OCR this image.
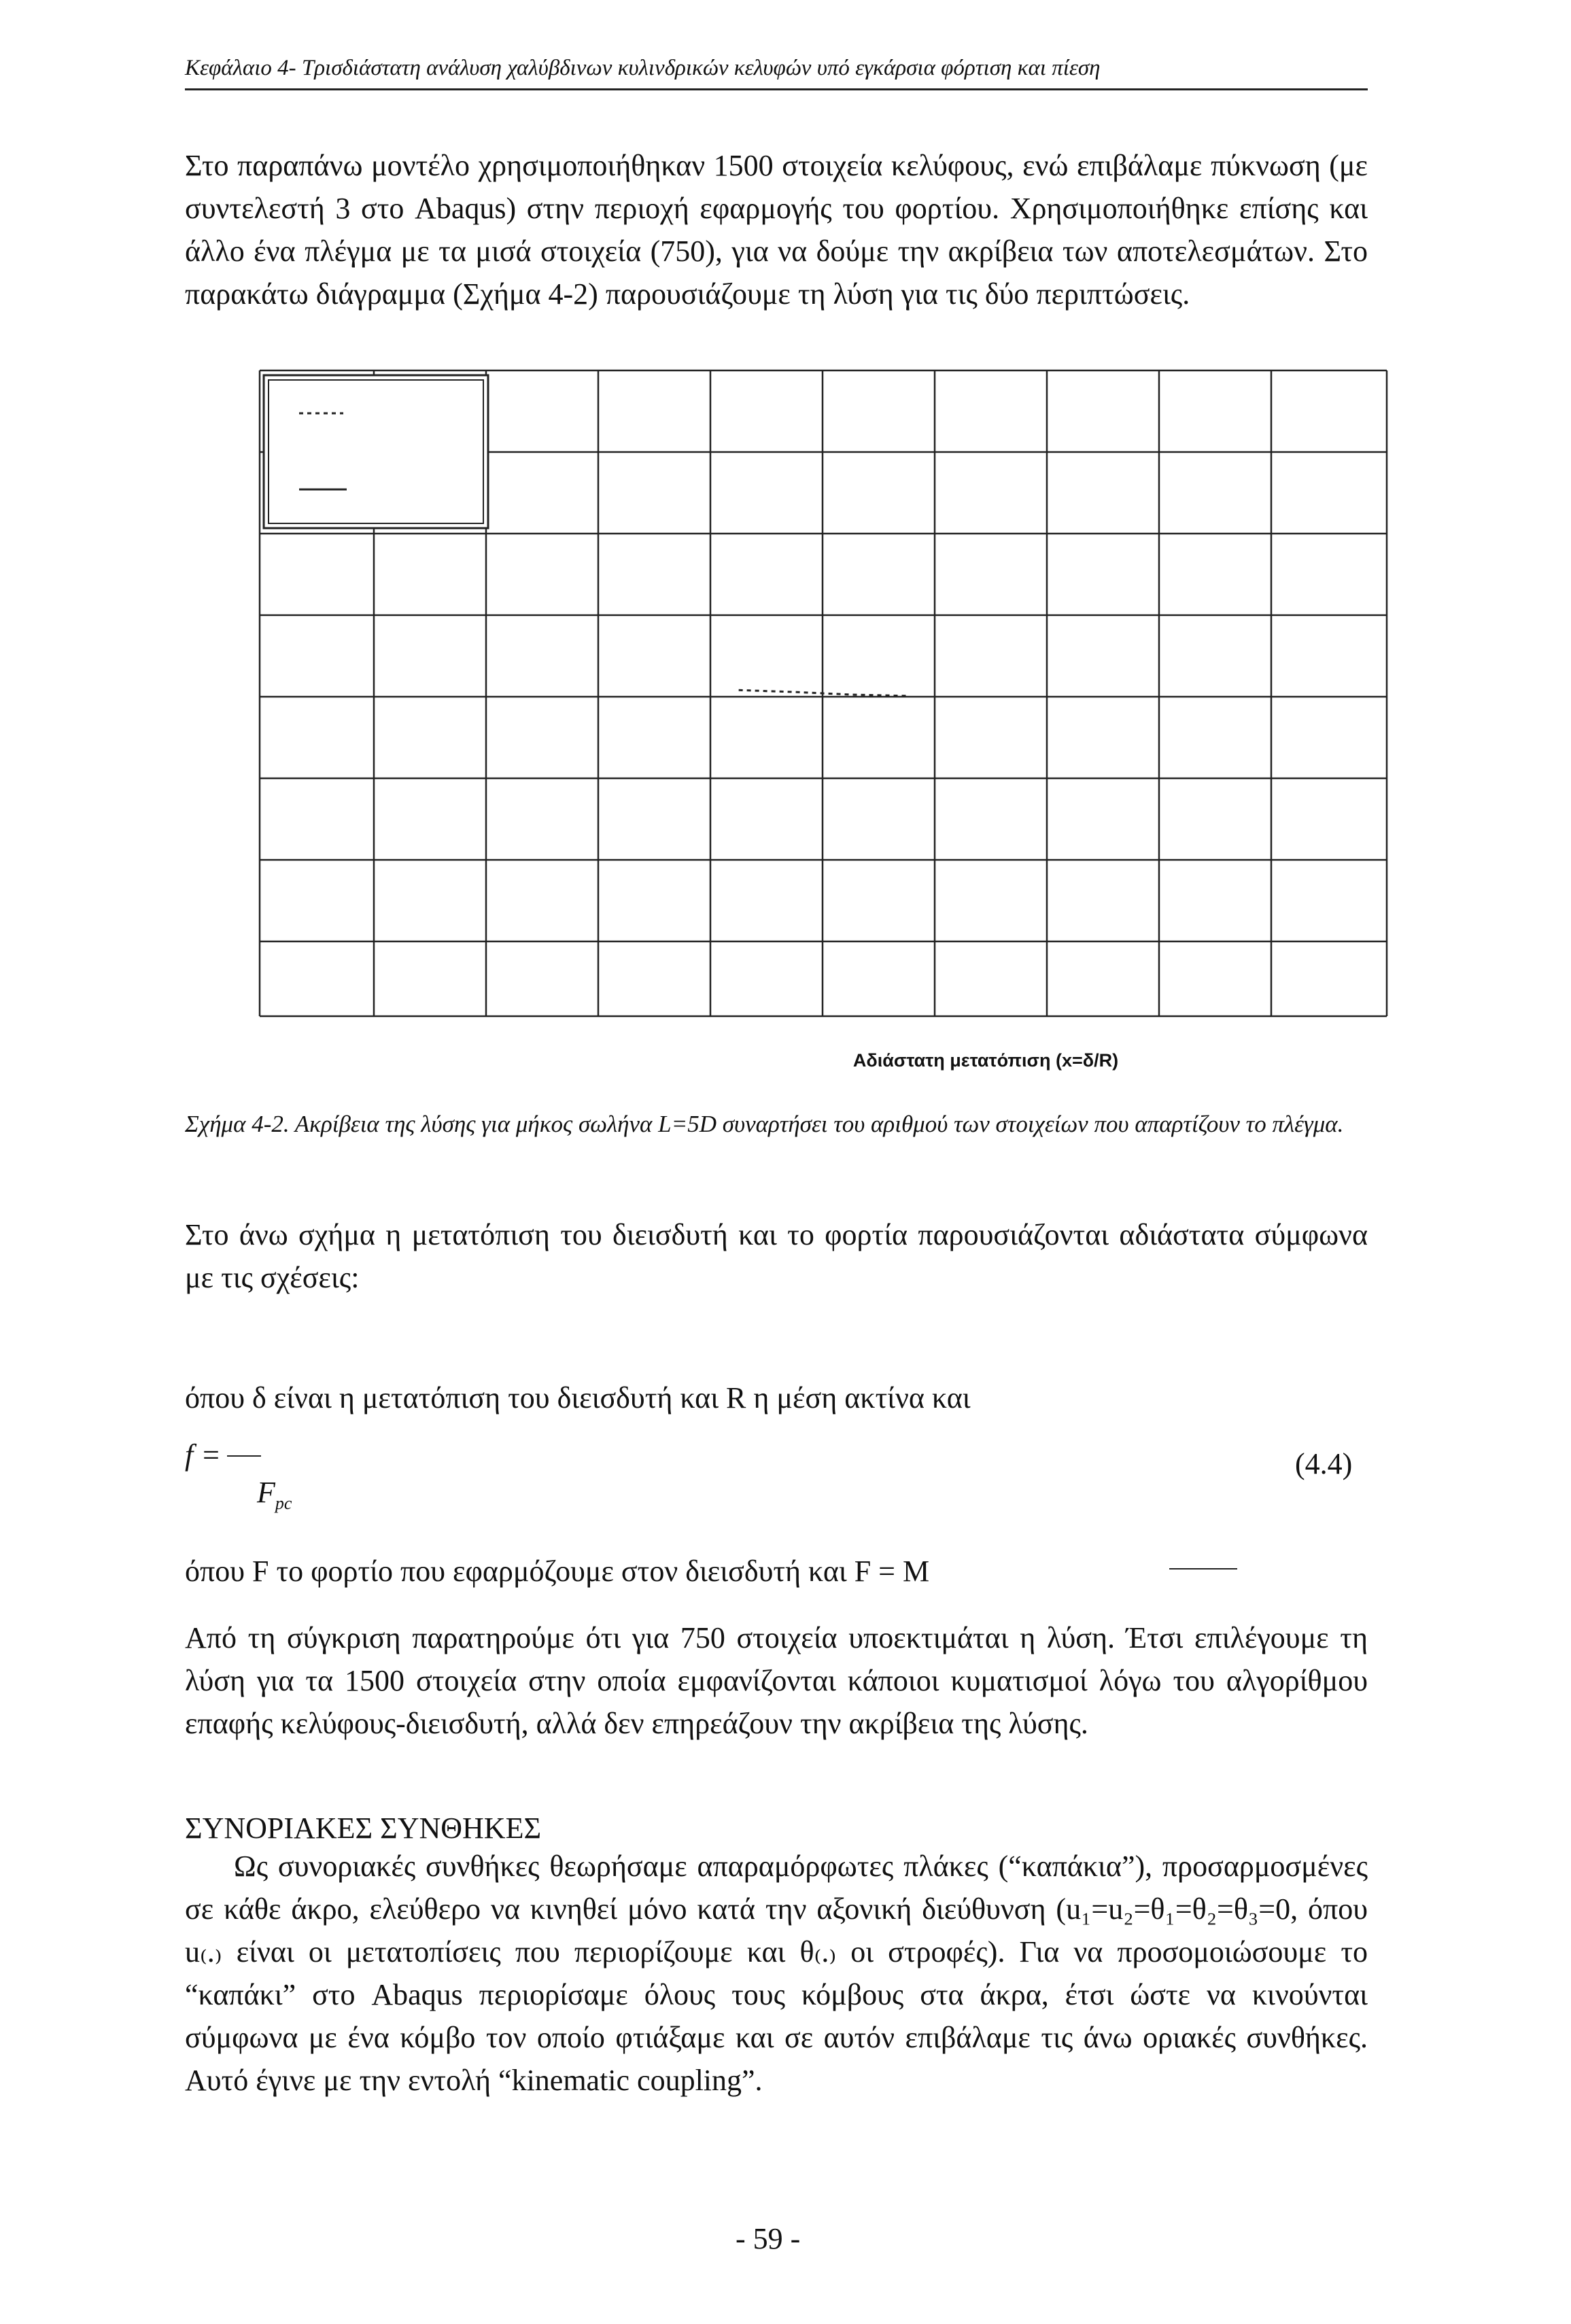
Κεφάλαιο 4- Τρισδιάστατη ανάλυση χαλύβδινων κυλινδρικών κελυφών υπό εγκάρσια φόρτιση και πίεση
Στο παραπάνω μοντέλο χρησιμοποιήθηκαν 1500 στοιχεία κελύφους, ενώ επιβάλαμε πύκνωση (με συντελεστή 3 στο Abaqus) στην περιοχή εφαρμογής του φορτίου. Χρησιμοποιήθηκε επίσης και άλλο ένα πλέγμα με τα μισά στοιχεία (750), για να δούμε την ακρίβεια των αποτελεσμάτων. Στο παρακάτω διάγραμμα (Σχήμα 4-2) παρουσιάζουμε τη λύση για τις δύο περιπτώσεις.
Αδιάστατη μετατόπιση (x=δ/R)
Σχήμα 4-2. Ακρίβεια της λύσης για μήκος σωλήνα L=5D συναρτήσει του αριθμού των στοιχείων που απαρτίζουν το πλέγμα.
Στο άνω σχήμα η μετατόπιση του διεισδυτή και το φορτία παρουσιάζονται αδιάστατα σύμφωνα με τις σχέσεις:
όπου δ είναι η μετατόπιση του διεισδυτή και R η μέση ακτίνα και
f =
$F_{pc}$
(4.4)
όπου F το φορτίο που εφαρμόζουμε στον διεισδυτή και F = M
Από τη σύγκριση παρατηρούμε ότι για 750 στοιχεία υποεκτιμάται η λύση. Έτσι επιλέγουμε τη λύση για τα 1500 στοιχεία στην οποία εμφανίζονται κάποιοι κυματισμοί λόγω του αλγορίθμου επαφής κελύφους-διεισδυτή, αλλά δεν επηρεάζουν την ακρίβεια της λύσης.
ΣΥΝΟΡΙΑΚΕΣ ΣΥΝΘΗΚΕΣ
Ως συνοριακές συνθήκες θεωρήσαμε απαραμόρφωτες πλάκες (“καπάκια”), προσαρμοσμένες σε κάθε άκρο, ελεύθερο να κινηθεί μόνο κατά την αξονική διεύθυνση (u₁=u₂=θ₁=θ₂=θ₃=0, όπου u₍.₎ είναι οι μετατοπίσεις που περιορίζουμε και θ₍.₎ οι στροφές). Για να προσομοιώσουμε το “καπάκι” στο Abaqus περιορίσαμε όλους τους κόμβους στα άκρα, έτσι ώστε να κινούνται σύμφωνα με ένα κόμβο τον οποίο φτιάξαμε και σε αυτόν επιβάλαμε τις άνω οριακές συνθήκες. Αυτό έγινε με την εντολή “kinematic coupling”.
- 59 -
